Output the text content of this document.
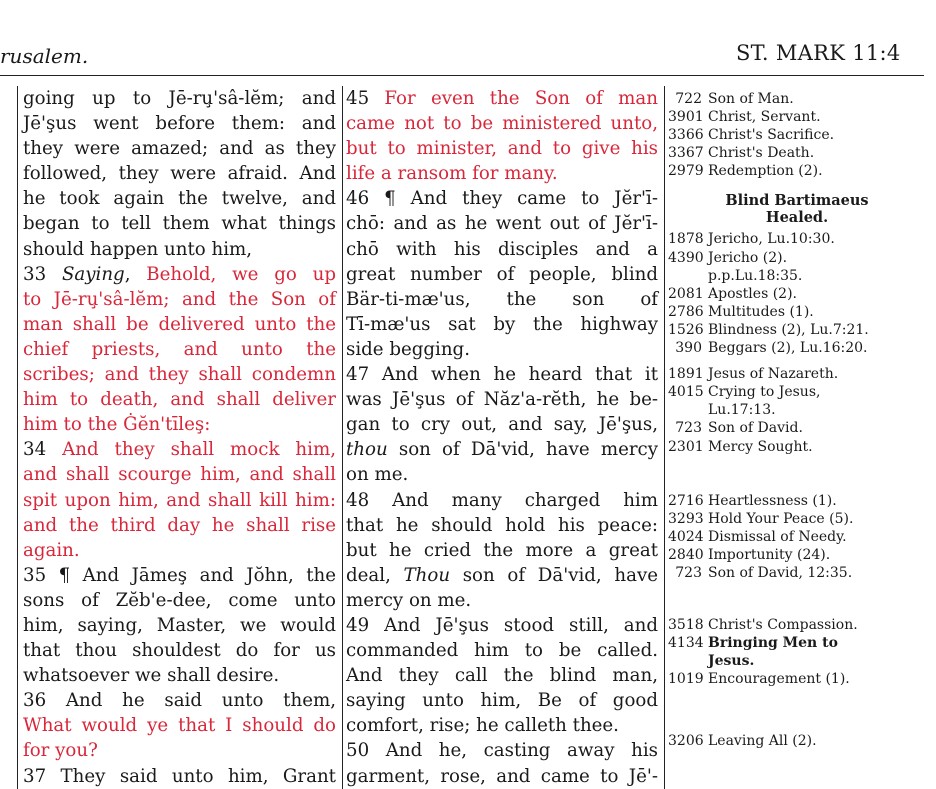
rusalem.	ST. MARK 11:4
going up to Jē-ru̧'sâ-lĕm; and
Jē'şus went before them: and
they were amazed; and as they
followed, they were afraid. And
he took again the twelve, and
began to tell them what things
should happen unto him,
33 Saying, Behold, we go up
to Jē-ru̧'sâ-lĕm; and the Son of
man shall be delivered unto the
chief priests, and unto the
scribes; and they shall condemn
him to death, and shall deliver
him to the Ġĕn'tīleş:
34 And they shall mock him,
and shall scourge him, and shall
spit upon him, and shall kill him:
and the third day he shall rise
again.
35 ¶ And Jāmeş and Jŏhn, the
sons of Zĕb'e-dee, come unto
him, saying, Master, we would
that thou shouldest do for us
whatsoever we shall desire.
36 And he said unto them,
What would ye that I should do
for you?
37 They said unto him, Grant
45 For even the Son of man
came not to be ministered unto,
but to minister, and to give his
life a ransom for many.
46 ¶ And they came to Jĕr'ī-
chō: and as he went out of Jĕr'ī-
chō with his disciples and a
great number of people, blind
Bär-ti-mæ'us, the son of
Tī-mæ'us sat by the highway
side begging.
47 And when he heard that it
was Jē'şus of Năz'a-rĕth, he be-
gan to cry out, and say, Jē'şus,
thou son of Dā'vid, have mercy
on me.
48 And many charged him
that he should hold his peace:
but he cried the more a great
deal, Thou son of Dā'vid, have
mercy on me.
49 And Jē'şus stood still, and
commanded him to be called.
And they call the blind man,
saying unto him, Be of good
comfort, rise; he calleth thee.
50 And he, casting away his
garment, rose, and came to Jē'-
722 Son of Man.
3901 Christ, Servant.
3366 Christ's Sacrifice.
3367 Christ's Death.
2979 Redemption (2).
Blind Bartimaeus
Healed.
1878 Jericho, Lu.10:30.
4390 Jericho (2).
p.p.Lu.18:35.
2081 Apostles (2).
2786 Multitudes (1).
1526 Blindness (2), Lu.7:21.
390 Beggars (2), Lu.16:20.
1891 Jesus of Nazareth.
4015 Crying to Jesus,
Lu.17:13.
723 Son of David.
2301 Mercy Sought.
2716 Heartlessness (1).
3293 Hold Your Peace (5).
4024 Dismissal of Needy.
2840 Importunity (24).
723 Son of David, 12:35.
3518 Christ's Compassion.
4134 Bringing Men to
Jesus.
1019 Encouragement (1).
3206 Leaving All (2).
